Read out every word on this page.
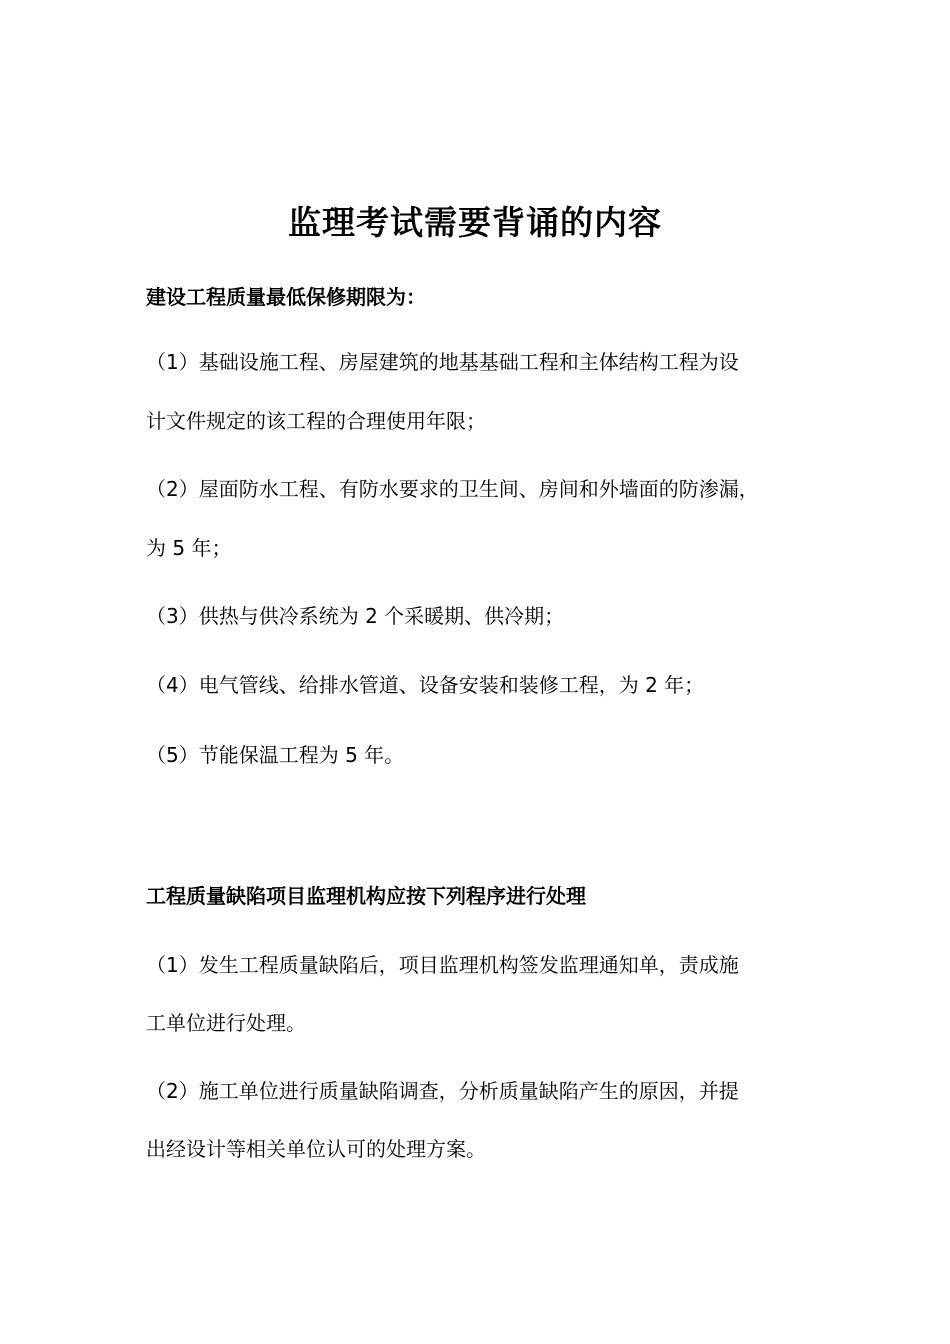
监理考试需要背诵的内容
建设工程质量最低保修期限为：
（1）基础设施工程、房屋建筑的地基基础工程和主体结构工程为设
计文件规定的该工程的合理使用年限；
（2）屋面防水工程、有防水要求的卫生间、房间和外墙面的防渗漏，
为 5 年；
（3）供热与供冷系统为 2 个采暖期、供冷期；
（4）电气管线、给排水管道、设备安装和装修工程，为 2 年；
（5）节能保温工程为 5 年。
工程质量缺陷项目监理机构应按下列程序进行处理
（1）发生工程质量缺陷后，项目监理机构签发监理通知单，责成施
工单位进行处理。
（2）施工单位进行质量缺陷调查，分析质量缺陷产生的原因，并提
出经设计等相关单位认可的处理方案。
